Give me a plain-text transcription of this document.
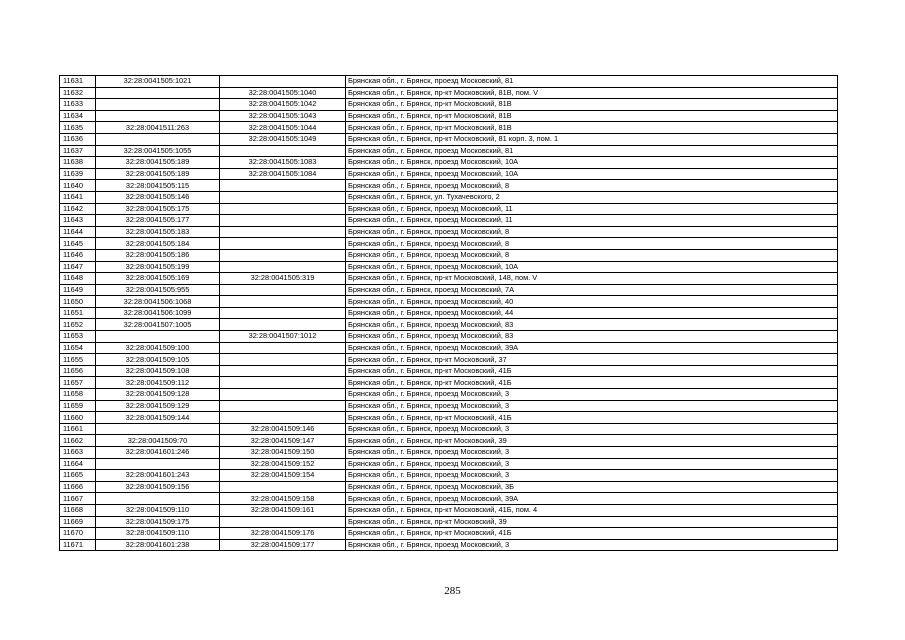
11631	32:28:0041505:1021		Брянская обл., г. Брянск, проезд Московский, 81
11632		32:28:0041505:1040	Брянская обл., г. Брянск, пр-кт Московский, 81В, пом. V
11633		32:28:0041505:1042	Брянская обл., г. Брянск, пр-кт Московский, 81В
11634		32:28:0041505:1043	Брянская обл., г. Брянск, пр-кт Московский, 81В
11635	32:28:0041511:263	32:28:0041505:1044	Брянская обл., г. Брянск, пр-кт Московский, 81В
11636		32:28:0041505:1049	Брянская обл., г. Брянск, пр-кт Московский, 81 корп. 3, пом. 1
11637	32:28:0041505:1055		Брянская обл., г. Брянск, проезд Московский, 81
11638	32:28:0041505:189	32:28:0041505:1083	Брянская обл., г. Брянск, проезд Московский, 10А
11639	32:28:0041505:189	32:28:0041505:1084	Брянская обл., г. Брянск, проезд Московский, 10А
11640	32:28:0041505:115		Брянская обл., г. Брянск, проезд Московский, 8
11641	32:28:0041505:146		Брянская обл., г. Брянск, ул. Тухачевского, 2
11642	32:28:0041505:175		Брянская обл., г. Брянск, проезд Московский, 11
11643	32:28:0041505:177		Брянская обл., г. Брянск, проезд Московский, 11
11644	32:28:0041505:183		Брянская обл., г. Брянск, проезд Московский, 8
11645	32:28:0041505:184		Брянская обл., г. Брянск, проезд Московский, 8
11646	32:28:0041505:186		Брянская обл., г. Брянск, проезд Московский, 8
11647	32:28:0041505:199		Брянская обл., г. Брянск, проезд Московский, 10А
11648	32:28:0041505:169	32:28:0041505:319	Брянская обл., г. Брянск, пр-кт Московский, 148, пом. V
11649	32:28:0041505:955		Брянская обл., г. Брянск, проезд Московский, 7А
11650	32:28:0041506:1068		Брянская обл., г. Брянск, проезд Московский, 40
11651	32:28:0041506:1099		Брянская обл., г. Брянск, проезд Московский, 44
11652	32:28:0041507:1005		Брянская обл., г. Брянск, проезд Московский, 83
11653		32:28:0041507:1012	Брянская обл., г. Брянск, проезд Московский, 83
11654	32:28:0041509:100		Брянская обл., г. Брянск, проезд Московский, 39А
11655	32:28:0041509:105		Брянская обл., г. Брянск, пр-кт Московский, 37
11656	32:28:0041509:108		Брянская обл., г. Брянск, пр-кт Московский, 41Б
11657	32:28:0041509:112		Брянская обл., г. Брянск, пр-кт Московский, 41Б
11658	32:28:0041509:128		Брянская обл., г. Брянск, проезд Московский, 3
11659	32:28:0041509:129		Брянская обл., г. Брянск, проезд Московский, 3
11660	32:28:0041509:144		Брянская обл., г. Брянск, пр-кт Московский, 41Б
11661		32:28:0041509:146	Брянская обл., г. Брянск, проезд Московский, 3
11662	32:28:0041509:70	32:28:0041509:147	Брянская обл., г. Брянск, пр-кт Московский, 39
11663	32:28:0041601:246	32:28:0041509:150	Брянская обл., г. Брянск, проезд Московский, 3
11664		32:28:0041509:152	Брянская обл., г. Брянск, проезд Московский, 3
11665	32:28:0041601:243	32:28:0041509:154	Брянская обл., г. Брянск, проезд Московский, 3
11666	32:28:0041509:156		Брянская обл., г. Брянск, проезд Московский, 3Б
11667		32:28:0041509:158	Брянская обл., г. Брянск, проезд Московский, 39А
11668	32:28:0041509:110	32:28:0041509:161	Брянская обл., г. Брянск, пр-кт Московский, 41Б, пом. 4
11669	32:28:0041509:175		Брянская обл., г. Брянск, пр-кт Московский, 39
11670	32:28:0041509:110	32:28:0041509:176	Брянская обл., г. Брянск, пр-кт Московский, 41Б
11671	32:28:0041601:238	32:28:0041509:177	Брянская обл., г. Брянск, проезд Московский, 3
285
